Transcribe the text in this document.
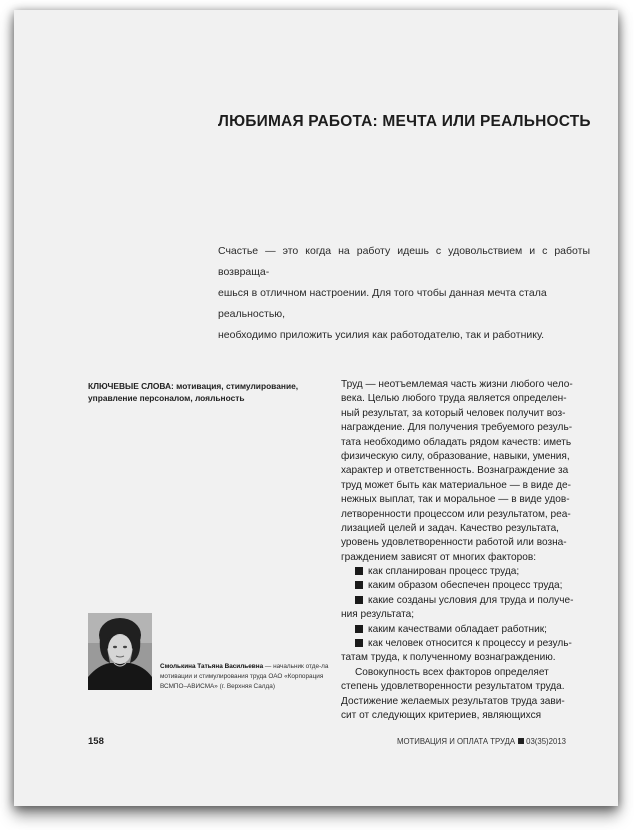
ЛЮБИМАЯ РАБОТА: МЕЧТА ИЛИ РЕАЛЬНОСТЬ

Счастье — это когда на работу идешь с удовольствием и с работы возвраща-

ешься в отличном настроении. Для того чтобы данная мечта стала реальностью,

необходимо приложить усилия как работодателю, так и работнику.

КЛЮЧЕВЫЕ СЛОВА: мотивация, стимулирование, управление персоналом, лояльность
Труд — неотъемлемая часть жизни любого чело-
века. Целью любого труда является определен-
ный результат, за который человек получит воз-
награждение. Для получения требуемого резуль-
тата необходимо обладать рядом качеств: иметь
физическую силу, образование, навыки, умения,
характер и ответственность. Вознаграждение за
труд может быть как материальное — в виде де-
нежных выплат, так и моральное — в виде удов-
летворенности процессом или результатом, реа-
лизацией целей и задач. Качество результата,
уровень удовлетворенности работой или возна-
граждением зависят от многих факторов:
как спланирован процесс труда;
каким образом обеспечен процесс труда;
какие созданы условия для труда и получе-
ния результата;
каким качествами обладает работник;
как человек относится к процессу и резуль-
татам труда, к полученному вознаграждению.
Совокупность всех факторов определяет
степень удовлетворенности результатом труда.
Достижение желаемых результатов труда зави-
сит от следующих критериев, являющихся
Смолькина Татьяна Васильевна — начальник отде-ла мотивации и стимулирования труда ОАО «Корпорация ВСМПО–АВИСМА» (г. Верхняя Салда)
158	МОТИВАЦИЯ И ОПЛАТА ТРУДА 03(35)2013
